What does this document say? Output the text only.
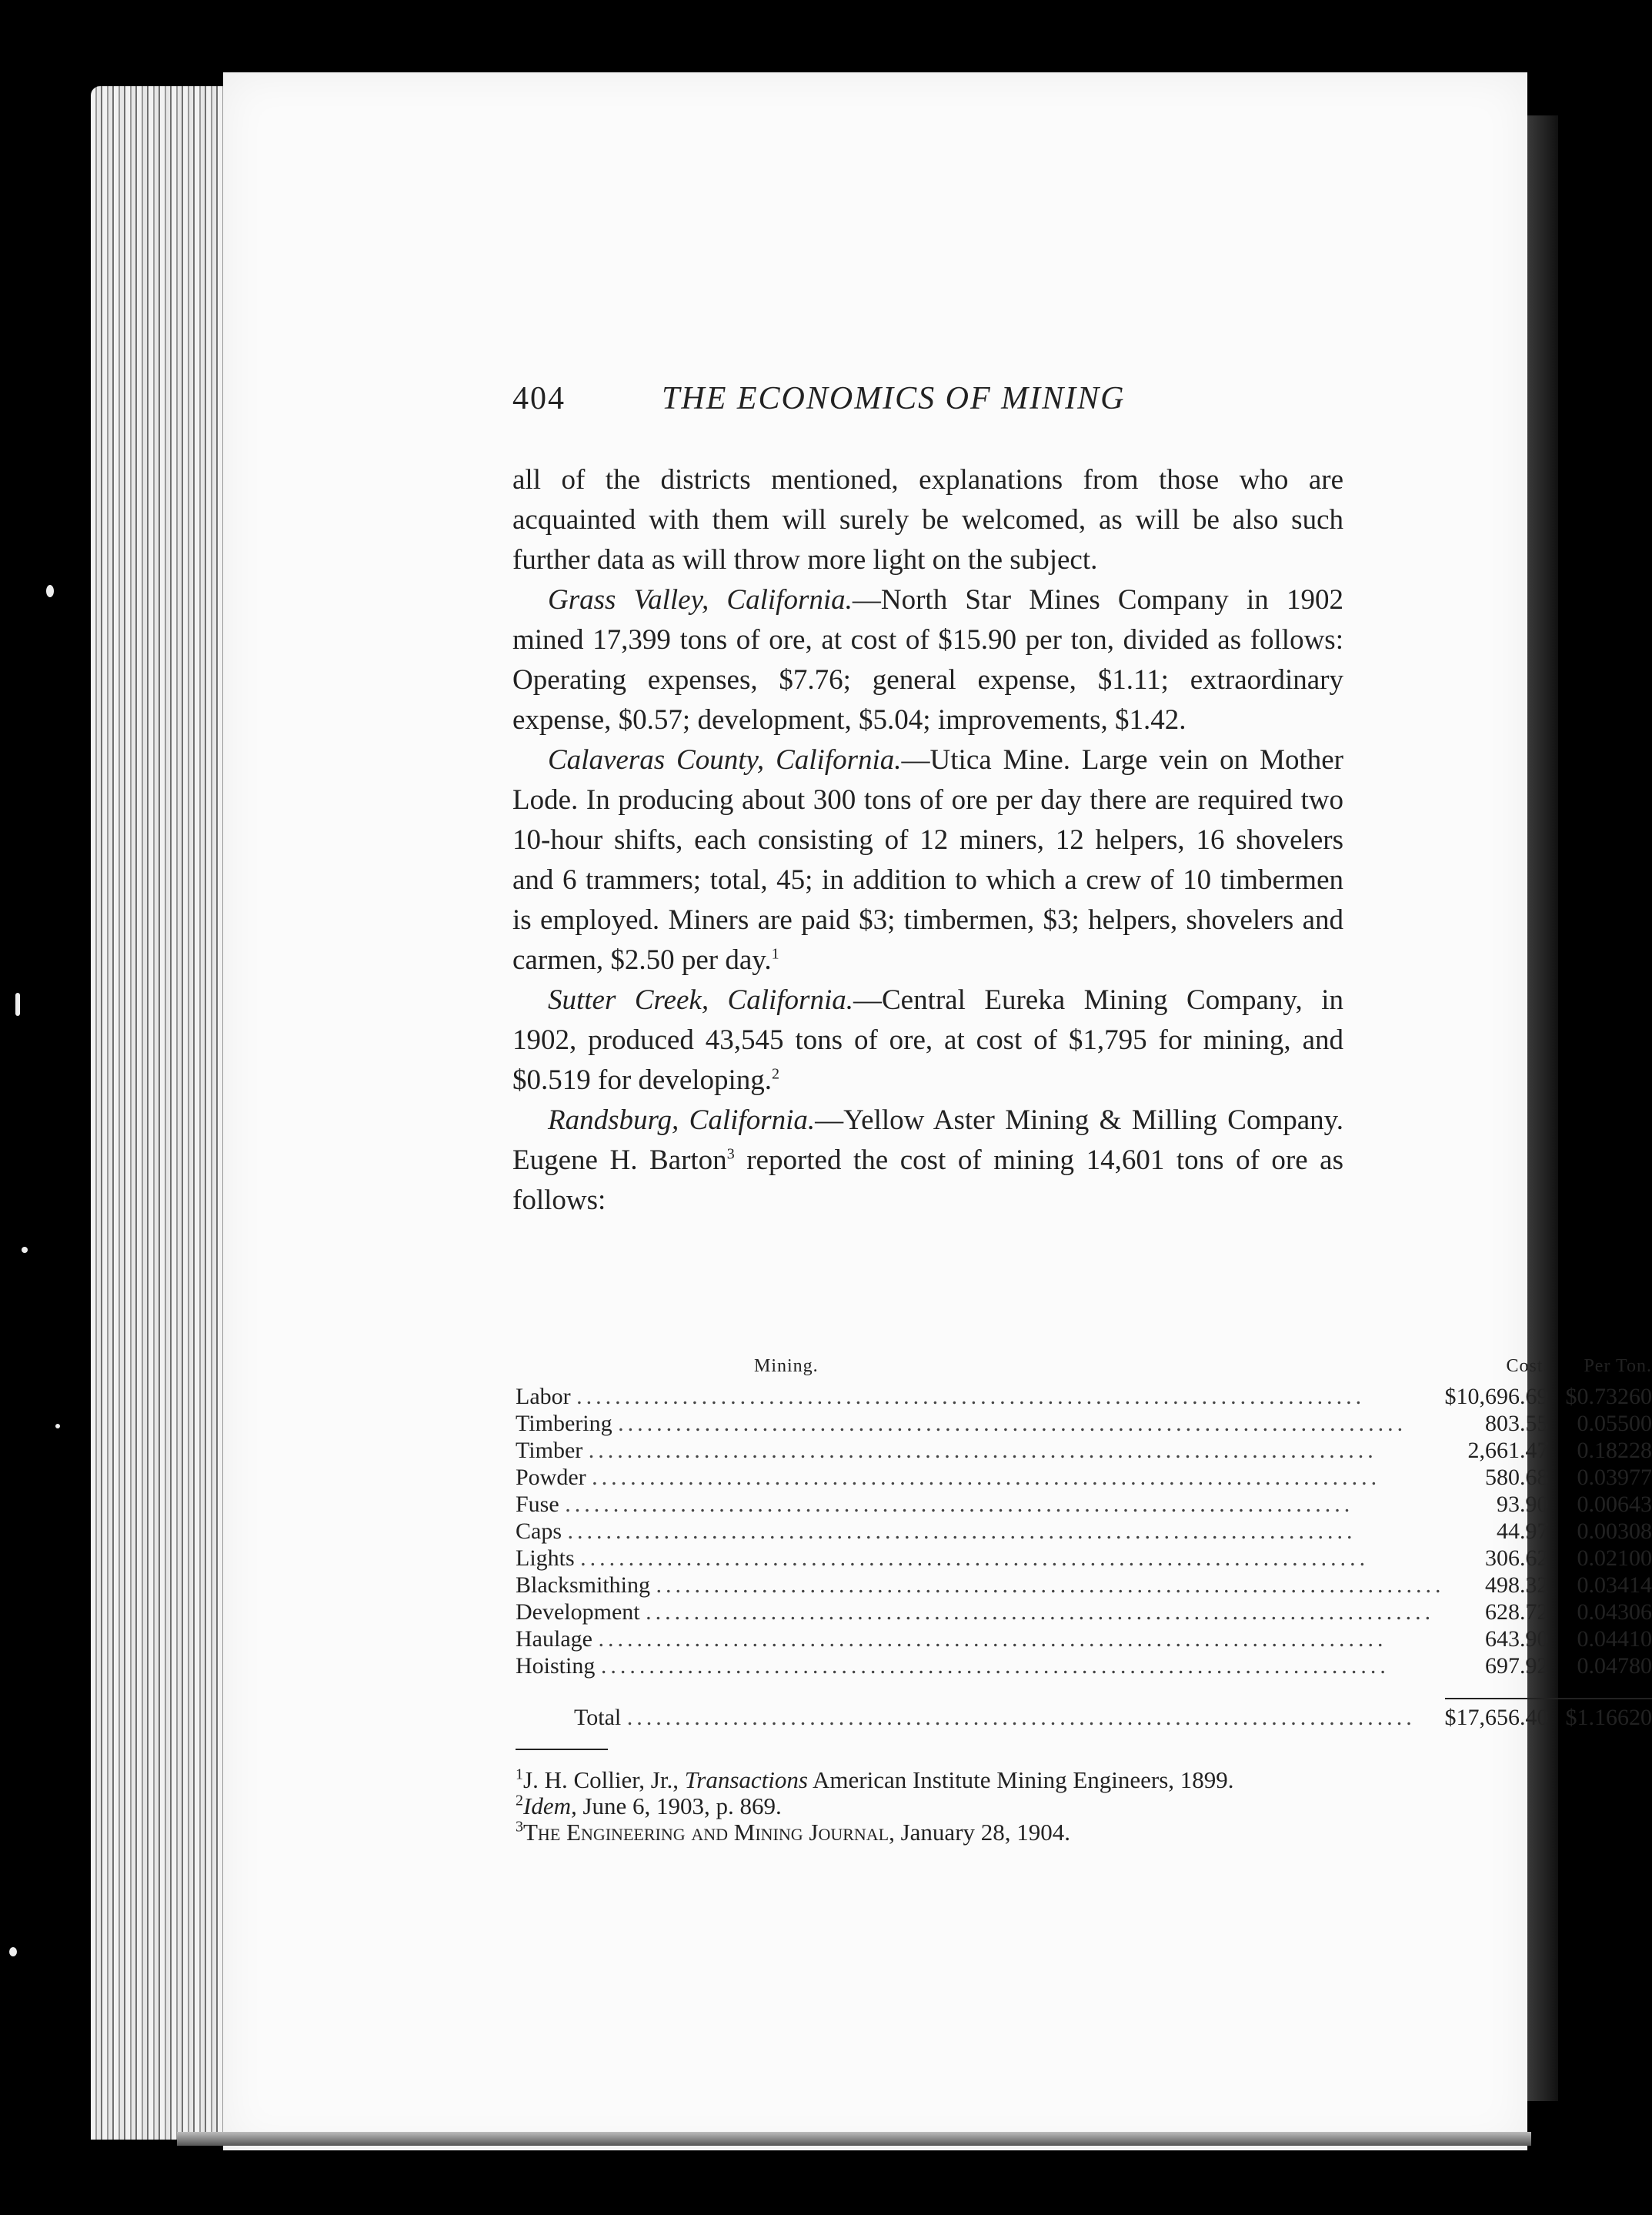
404	THE ECONOMICS OF MINING

all of the districts mentioned, explanations from those who are acquainted with them will surely be welcomed, as will be also such further data as will throw more light on the subject.

Grass Valley, California.—North Star Mines Company in 1902 mined 17,399 tons of ore, at cost of $15.90 per ton, divided as follows: Operating expenses, $7.76; general expense, $1.11; extraordinary expense, $0.57; development, $5.04; improvements, $1.42.

Calaveras County, California.—Utica Mine. Large vein on Mother Lode. In producing about 300 tons of ore per day there are required two 10-hour shifts, each consisting of 12 miners, 12 helpers, 16 shovelers and 6 trammers; total, 45; in addition to which a crew of 10 timbermen is employed. Miners are paid $3; timbermen, $3; helpers, shovelers and carmen, $2.50 per day.$^1$

Sutter Creek, California.—Central Eureka Mining Company, in 1902, produced 43,545 tons of ore, at cost of $1,795 for mining, and $0.519 for developing.$^2$

Randsburg, California.—Yellow Aster Mining & Milling Company. Eugene H. Barton$^3$ reported the cost of mining 14,601 tons of ore as follows:

Mining.	Cost.	Per Ton.
Labor ..................................................................................	$10,696.69	$0.73260
Timbering ..................................................................................	803.55	0.05500
Timber ..................................................................................	2,661.47	0.18228
Powder ..................................................................................	580.68	0.03977
Fuse ..................................................................................	93.90	0.00643
Caps ..................................................................................	44.97	0.00308
Lights ..................................................................................	306.62	0.02100
Blacksmithing ..................................................................................	498.32	0.03414
Development ..................................................................................	628.72	0.04306
Haulage ..................................................................................	643.90	0.04410
Hoisting ..................................................................................	697.92	0.04780

Total ..................................................................................	$17,656.40	$1.16620

$^1$J. H. Collier, Jr., Transactions American Institute Mining Engineers, 1899.

$^2$Idem, June 6, 1903, p. 869.

$^3$The Engineering and Mining Journal, January 28, 1904.
